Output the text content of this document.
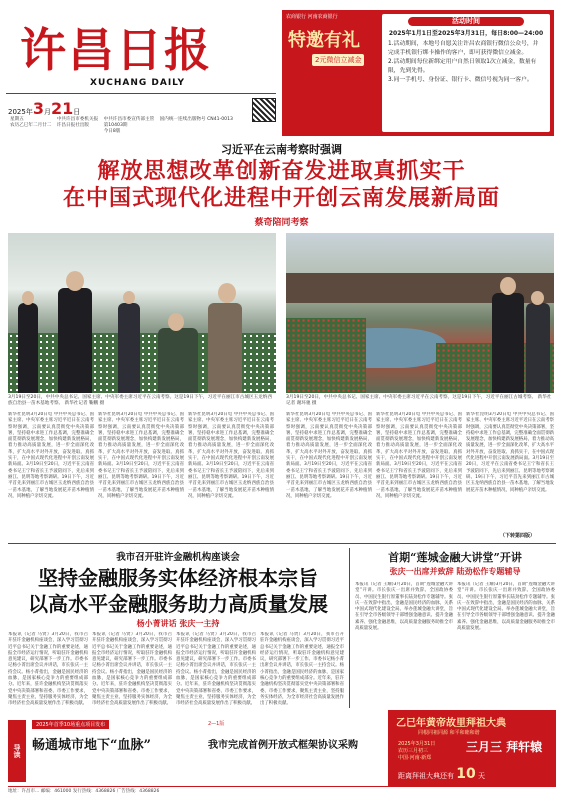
许昌日报
XUCHANG DAILY
2025年3月21日
星期五
农历乙巳年二月廿二

中共许昌市委机关报
许昌日报社出版

中共许昌市委宣传部主管
第10403期
今日8版

国内统一连续出版物号 CN41-0013
农商银行 河南农商银行
特邀有礼
2元微信立减金
活动时间
2025年1月1日至2025年3月31日，每日8:00—24:00
1.活动期间，本地号自愿关注许昌农商银行微信公众号，并完成手机银行绑卡操作的客户，即可获得微信立减金。
2.活动期间每位新绑定用户自然日领取1次立减金，数量有限，先到先得。
3.同一手机号、身份证、银行卡、微信号视为同一客户。
习近平在云南考察时强调
解放思想改革创新奋发进取真抓实干
在中国式现代化进程中开创云南发展新局面
蔡奇陪同考察
3月19日至20日，中共中央总书记、国家主席、中央军委主席习近平在云南考察。这是19日下午，习近平在丽江市古城区玉龙纳西族自治县一苗木基地考察。 新华社记者 鞠鹏 摄
3月19日至20日，中共中央总书记、国家主席、中央军委主席习近平在云南考察。这是19日下午，习近平在丽江古城考察。 新华社记者 谢环驰 摄
新华社昆明3月20日电 中共中央总书记、国家主席、中央军委主席习近平近日在云南考察时强调，云南要认真贯彻党中央决策部署，坚持稳中求进工作总基调，完整准确全面贯彻新发展理念，加快构建新发展格局，着力推动高质量发展，进一步全面深化改革，扩大高水平对外开放，奋发进取、真抓实干，在中国式现代化进程中开创云南发展新局面。3月19日至20日，习近平在云南省委书记王宁和省长王予波陪同下，先后来到丽江、昆明等地考察调研。19日下午，习近平首先来到丽江市古城区玉龙纳西族自治县一苗木基地，了解当地发展花卉苗木种植情况，同种植户亲切交流。
新华社昆明3月20日电 中共中央总书记、国家主席、中央军委主席习近平近日在云南考察时强调，云南要认真贯彻党中央决策部署，坚持稳中求进工作总基调，完整准确全面贯彻新发展理念，加快构建新发展格局，着力推动高质量发展，进一步全面深化改革，扩大高水平对外开放，奋发进取、真抓实干，在中国式现代化进程中开创云南发展新局面。3月19日至20日，习近平在云南省委书记王宁和省长王予波陪同下，先后来到丽江、昆明等地考察调研。19日下午，习近平首先来到丽江市古城区玉龙纳西族自治县一苗木基地，了解当地发展花卉苗木种植情况，同种植户亲切交流。
新华社昆明3月20日电 中共中央总书记、国家主席、中央军委主席习近平近日在云南考察时强调，云南要认真贯彻党中央决策部署，坚持稳中求进工作总基调，完整准确全面贯彻新发展理念，加快构建新发展格局，着力推动高质量发展，进一步全面深化改革，扩大高水平对外开放，奋发进取、真抓实干，在中国式现代化进程中开创云南发展新局面。3月19日至20日，习近平在云南省委书记王宁和省长王予波陪同下，先后来到丽江、昆明等地考察调研。19日下午，习近平首先来到丽江市古城区玉龙纳西族自治县一苗木基地，了解当地发展花卉苗木种植情况，同种植户亲切交流。
新华社昆明3月20日电 中共中央总书记、国家主席、中央军委主席习近平近日在云南考察时强调，云南要认真贯彻党中央决策部署，坚持稳中求进工作总基调，完整准确全面贯彻新发展理念，加快构建新发展格局，着力推动高质量发展，进一步全面深化改革，扩大高水平对外开放，奋发进取、真抓实干，在中国式现代化进程中开创云南发展新局面。3月19日至20日，习近平在云南省委书记王宁和省长王予波陪同下，先后来到丽江、昆明等地考察调研。19日下午，习近平首先来到丽江市古城区玉龙纳西族自治县一苗木基地，了解当地发展花卉苗木种植情况，同种植户亲切交流。
新华社昆明3月20日电 中共中央总书记、国家主席、中央军委主席习近平近日在云南考察时强调，云南要认真贯彻党中央决策部署，坚持稳中求进工作总基调，完整准确全面贯彻新发展理念，加快构建新发展格局，着力推动高质量发展，进一步全面深化改革，扩大高水平对外开放，奋发进取、真抓实干，在中国式现代化进程中开创云南发展新局面。3月19日至20日，习近平在云南省委书记王宁和省长王予波陪同下，先后来到丽江、昆明等地考察调研。19日下午，习近平首先来到丽江市古城区玉龙纳西族自治县一苗木基地，了解当地发展花卉苗木种植情况，同种植户亲切交流。
新华社昆明3月20日电 中共中央总书记、国家主席、中央军委主席习近平近日在云南考察时强调，云南要认真贯彻党中央决策部署，坚持稳中求进工作总基调，完整准确全面贯彻新发展理念，加快构建新发展格局，着力推动高质量发展，进一步全面深化改革，扩大高水平对外开放，奋发进取、真抓实干，在中国式现代化进程中开创云南发展新局面。3月19日至20日，习近平在云南省委书记王宁和省长王予波陪同下，先后来到丽江、昆明等地考察调研。19日下午，习近平首先来到丽江市古城区玉龙纳西族自治县一苗木基地，了解当地发展花卉苗木种植情况，同种植户亲切交流。
（下转第四版）
我市召开驻许金融机构座谈会
坚持金融服务实体经济根本宗旨
以高水平金融服务助力高质量发展
杨小菁讲话 张庆一主持
本报讯（记者 马贤）3月20日，我市召开驻许金融机构座谈会，深入学习贯彻习近平总书记关于金融工作的重要论述，通报全市经济运行情况，听取驻许金融机构意见建议，研究部署下一步工作。市委书记杨小菁出席会议并讲话，市长张庆一主持会议。杨小菁指出，金融是国民经济的血脉，是国家核心竞争力的重要组成部分。近年来，驻许金融机构坚决贯彻落实党中央决策部署和省委、市委工作要求，聚焦主责主业，坚持服务实体经济，为全市经济社会高质量发展作出了积极贡献。
本报讯（记者 马贤）3月20日，我市召开驻许金融机构座谈会，深入学习贯彻习近平总书记关于金融工作的重要论述，通报全市经济运行情况，听取驻许金融机构意见建议，研究部署下一步工作。市委书记杨小菁出席会议并讲话，市长张庆一主持会议。杨小菁指出，金融是国民经济的血脉，是国家核心竞争力的重要组成部分。近年来，驻许金融机构坚决贯彻落实党中央决策部署和省委、市委工作要求，聚焦主责主业，坚持服务实体经济，为全市经济社会高质量发展作出了积极贡献。
本报讯（记者 马贤）3月20日，我市召开驻许金融机构座谈会，深入学习贯彻习近平总书记关于金融工作的重要论述，通报全市经济运行情况，听取驻许金融机构意见建议，研究部署下一步工作。市委书记杨小菁出席会议并讲话，市长张庆一主持会议。杨小菁指出，金融是国民经济的血脉，是国家核心竞争力的重要组成部分。近年来，驻许金融机构坚决贯彻落实党中央决策部署和省委、市委工作要求，聚焦主责主业，坚持服务实体经济，为全市经济社会高质量发展作出了积极贡献。
本报讯（记者 马贤）3月20日，我市召开驻许金融机构座谈会，深入学习贯彻习近平总书记关于金融工作的重要论述，通报全市经济运行情况，听取驻许金融机构意见建议，研究部署下一步工作。市委书记杨小菁出席会议并讲话，市长张庆一主持会议。杨小菁指出，金融是国民经济的血脉，是国家核心竞争力的重要组成部分。近年来，驻许金融机构坚决贯彻落实党中央决策部署和省委、市委工作要求，聚焦主责主业，坚持服务实体经济，为全市经济社会高质量发展作出了积极贡献。
首期“莲城金融大讲堂”开讲
张庆一出席并致辞 陆劲松作专题辅导
本报讯（记者 王耀)3月20日，首期“莲城金融大讲堂”开讲。市长张庆一出席并致辞。全国政协委员、中国民生银行原董事长陆劲松作专题辅导。张庆一在致辞中指出，金融是国民经济的血脉，关系中国式现代化建设全局。举办莲城金融大讲堂，旨在引导全市各级领导干部增强金融意识、提升金融素养、强化金融思维，以高质量金融服务助推全市高质量发展。
本报讯（记者 王耀)3月20日，首期“莲城金融大讲堂”开讲。市长张庆一出席并致辞。全国政协委员、中国民生银行原董事长陆劲松作专题辅导。张庆一在致辞中指出，金融是国民经济的血脉，关系中国式现代化建设全局。举办莲城金融大讲堂，旨在引导全市各级领导干部增强金融意识、提升金融素养、强化金融思维，以高质量金融服务助推全市高质量发展。
导读
2025年首季10场重点项目发布
畅通城市地下“血脉”
2—1版
我市完成首例开放式框架协议采购
乙巳年黄帝故里拜祖大典
同根同祖同源 和平和睦和谐
2025年3月31日
农历三月初三
中国·河南·新郑
三月三 拜轩辕
距离拜祖大典还有 10 天
地址：许昌市... 邮编：461000 发行热线：4368826 广告热线：4368826
